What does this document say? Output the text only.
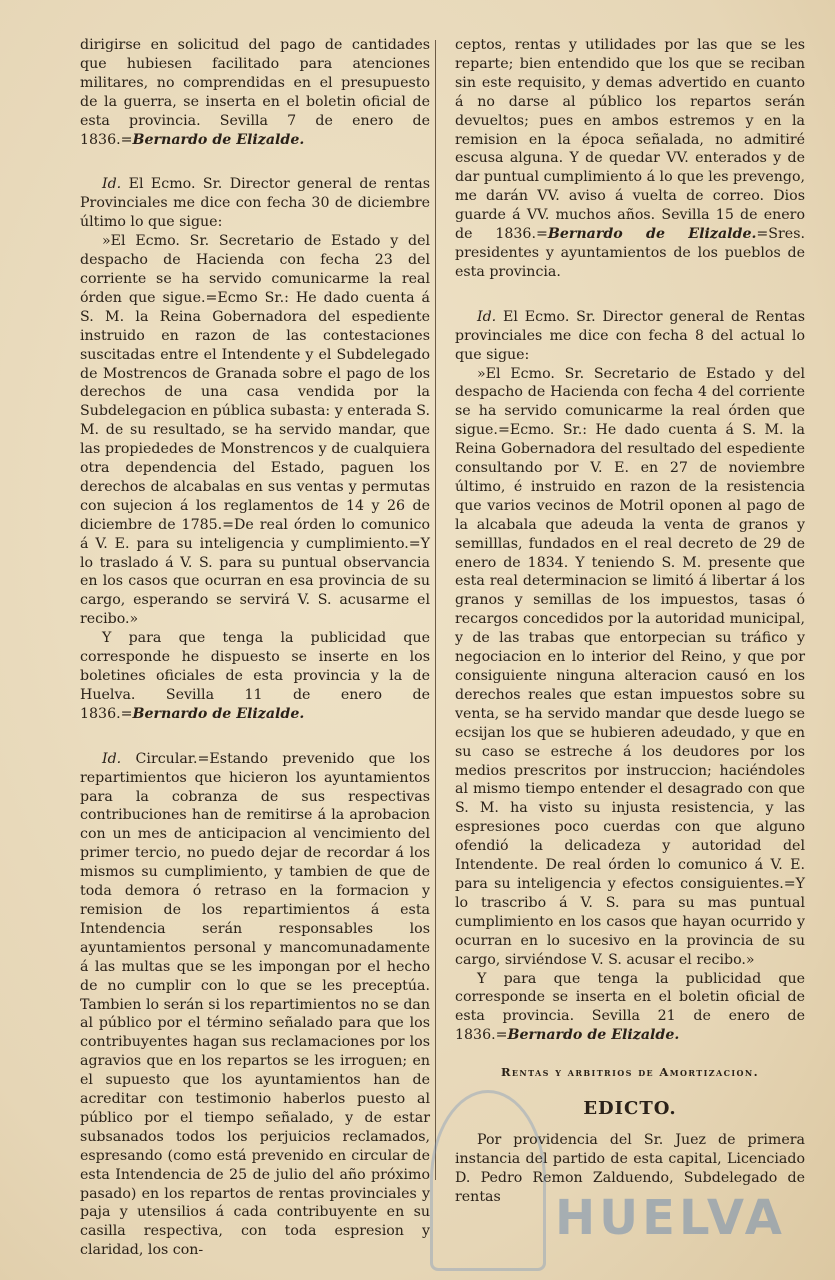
dirigirse en solicitud del pago de cantidades que hubiesen facilitado para atenciones militares, no comprendidas en el presupuesto de la guerra, se inserta en el boletin oficial de esta provincia. Sevilla 7 de enero de 1836.=Bernardo de Elizalde.

Id. El Ecmo. Sr. Director general de rentas Provinciales me dice con fecha 30 de diciembre último lo que sigue:

»El Ecmo. Sr. Secretario de Estado y del despacho de Hacienda con fecha 23 del corriente se ha servido comunicarme la real órden que sigue.=Ecmo Sr.: He dado cuenta á S. M. la Reina Gobernadora del espediente instruido en razon de las contestaciones suscitadas entre el Intendente y el Subdelegado de Mostrencos de Granada sobre el pago de los derechos de una casa vendida por la Subdelegacion en pública subasta: y enterada S. M. de su resultado, se ha servido mandar, que las propiededes de Monstrencos y de cualquiera otra dependencia del Estado, paguen los derechos de alcabalas en sus ventas y permutas con sujecion á los reglamentos de 14 y 26 de diciembre de 1785.=De real órden lo comunico á V. E. para su inteligencia y cumplimiento.=Y lo traslado á V. S. para su puntual observancia en los casos que ocurran en esa provincia de su cargo, esperando se servirá V. S. acusarme el recibo.»

Y para que tenga la publicidad que corresponde he dispuesto se inserte en los boletines oficiales de esta provincia y la de Huelva. Sevilla 11 de enero de 1836.=Bernardo de Elizalde.

Id. Circular.=Estando prevenido que los repartimientos que hicieron los ayuntamientos para la cobranza de sus respectivas contribuciones han de remitirse á la aprobacion con un mes de anticipacion al vencimiento del primer tercio, no puedo dejar de recordar á los mismos su cumplimiento, y tambien de que de toda demora ó retraso en la formacion y remision de los repartimientos á esta Intendencia serán responsables los ayuntamientos personal y mancomunadamente á las multas que se les impongan por el hecho de no cumplir con lo que se les preceptúa. Tambien lo serán si los repartimientos no se dan al público por el término señalado para que los contribuyentes hagan sus reclamaciones por los agravios que en los repartos se les irroguen; en el supuesto que los ayuntamientos han de acreditar con testimonio haberlos puesto al público por el tiempo señalado, y de estar subsanados todos los perjuicios reclamados, espresando (como está prevenido en circular de esta Intendencia de 25 de julio del año próximo pasado) en los repartos de rentas provinciales y paja y utensilios á cada contribuyente en su casilla respectiva, con toda espresion y claridad, los con-

ceptos, rentas y utilidades por las que se les reparte; bien entendido que los que se reciban sin este requisito, y demas advertido en cuanto á no darse al público los repartos serán devueltos; pues en ambos estremos y en la remision en la época señalada, no admitiré escusa alguna. Y de quedar VV. enterados y de dar puntual cumplimiento á lo que les prevengo, me darán VV. aviso á vuelta de correo. Dios guarde á VV. muchos años. Sevilla 15 de enero de 1836.=Bernardo de Elizalde.=Sres. presidentes y ayuntamientos de los pueblos de esta provincia.

Id. El Ecmo. Sr. Director general de Rentas provinciales me dice con fecha 8 del actual lo que sigue:

»El Ecmo. Sr. Secretario de Estado y del despacho de Hacienda con fecha 4 del corriente se ha servido comunicarme la real órden que sigue.=Ecmo. Sr.: He dado cuenta á S. M. la Reina Gobernadora del resultado del espediente consultando por V. E. en 27 de noviembre último, é instruido en razon de la resistencia que varios vecinos de Motril oponen al pago de la alcabala que adeuda la venta de granos y semilllas, fundados en el real decreto de 29 de enero de 1834. Y teniendo S. M. presente que esta real determinacion se limitó á libertar á los granos y semillas de los impuestos, tasas ó recargos concedidos por la autoridad municipal, y de las trabas que entorpecian su tráfico y negociacion en lo interior del Reino, y que por consiguiente ninguna alteracion causó en los derechos reales que estan impuestos sobre su venta, se ha servido mandar que desde luego se ecsijan los que se hubieren adeudado, y que en su caso se estreche á los deudores por los medios prescritos por instruccion; haciéndoles al mismo tiempo entender el desagrado con que S. M. ha visto su injusta resistencia, y las espresiones poco cuerdas con que alguno ofendió la delicadeza y autoridad del Intendente. De real órden lo comunico á V. E. para su inteligencia y efectos consiguientes.=Y lo trascribo á V. S. para su mas puntual cumplimiento en los casos que hayan ocurrido y ocurran en lo sucesivo en la provincia de su cargo, sirviéndose V. S. acusar el recibo.»

Y para que tenga la publicidad que corresponde se inserta en el boletin oficial de esta provincia. Sevilla 21 de enero de 1836.=Bernardo de Elizalde.

Rentas y arbitrios de Amortizacion.
EDICTO.

Por providencia del Sr. Juez de primera instancia del partido de esta capital, Licenciado D. Pedro Remon Zalduendo, Subdelegado de rentas	HUELVA
